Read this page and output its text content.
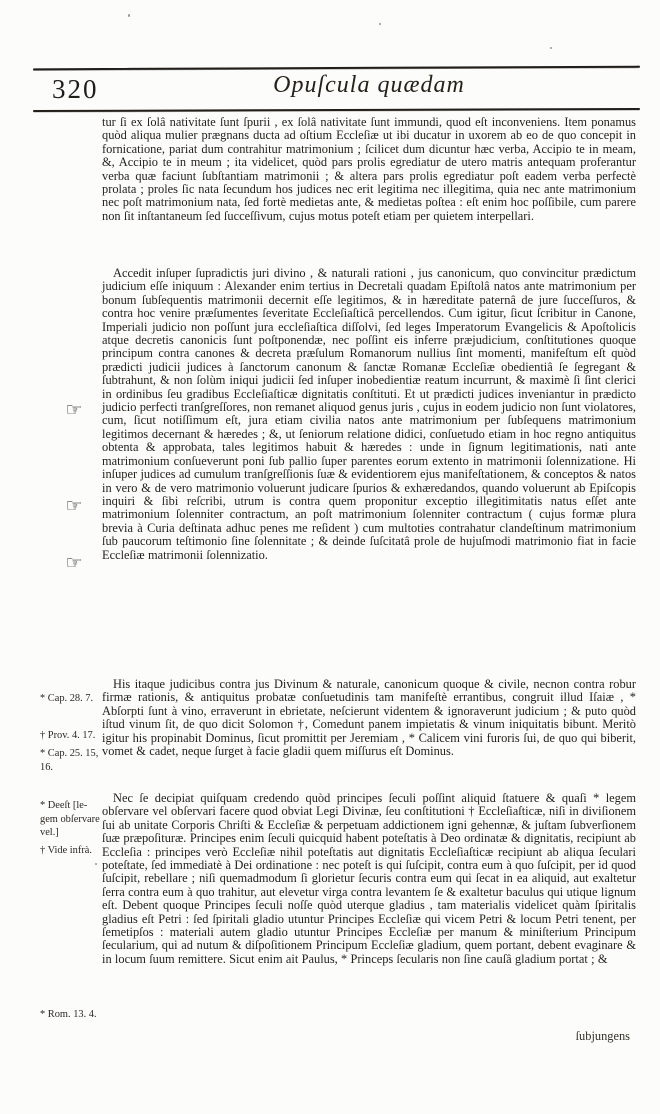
320	Opuſcula quædam
☞
☞
☞
* Cap. 28. 7.
† Prov. 4. 17.
* Cap. 25. 15, 16.
* Deeſt [legem obſervare vel.]
† Vide infrà.
* Rom. 13. 4.

tur ſi ex ſolâ nativitate ſunt ſpurii , ex ſolâ nativitate ſunt immundi, quod eſt inconveniens. Item ponamus quòd aliqua mulier prægnans ducta ad oſtium Eccleſiæ ut ibi ducatur in uxorem ab eo de quo concepit in fornicatione, pariat dum contrahitur matrimonium ; ſcilicet dum dicuntur hæc verba, Accipio te in meam, &, Accipio te in meum ; ita videlicet, quòd pars prolis egrediatur de utero matris antequam proferantur verba quæ faciunt ſubſtantiam matrimonii ; & altera pars prolis egrediatur poſt eadem verba perfectè prolata ; proles ſic nata ſecundum hos judices nec erit legitima nec illegitima, quia nec ante matrimonium nec poſt matrimonium nata, ſed fortè medietas ante, & medietas poſtea : eſt enim hoc poſſibile, cum parere non ſit inſtantaneum ſed ſucceſſivum, cujus motus poteſt etiam per quietem interpellari.

Accedit inſuper ſupradictis juri divino , & naturali rationi , jus canonicum, quo convincitur prædictum judicium eſſe iniquum : Alexander enim tertius in Decretali quadam Epiſtolâ natos ante matrimonium per bonum ſubſequentis matrimonii decernit eſſe legitimos, & in hæreditate paternâ de jure ſucceſſuros, & contra hoc venire præſumentes ſeveritate Eccleſiaſticâ percellendos. Cum igitur, ſicut ſcribitur in Canone, Imperiali judicio non poſſunt jura eccleſiaſtica diſſolvi, ſed leges Imperatorum Evangelicis & Apoſtolicis atque decretis canonicis ſunt poſtponendæ, nec poſſint eis inferre præjudicium, conſtitutiones quoque principum contra canones & decreta præſulum Romanorum nullius ſint momenti, manifeſtum eſt quòd prædicti judicii judices à ſanctorum canonum & ſanctæ Romanæ Eccleſiæ obedientiâ ſe ſegregant & ſubtrahunt, & non ſolùm iniqui judicii ſed inſuper inobedientiæ reatum incurrunt, & maximè ſi ſint clerici in ordinibus ſeu gradibus Eccleſiaſticæ dignitatis conſtituti. Et ut prædicti judices inveniantur in prædicto judicio perfecti tranſgreſſores, non remanet aliquod genus juris , cujus in eodem judicio non ſunt violatores, cum, ſicut notiſſimum eſt, jura etiam civilia natos ante matrimonium per ſubſequens matrimonium legitimos decernant & hæredes ; &, ut ſeniorum relatione didici, conſuetudo etiam in hoc regno antiquitus obtenta & approbata, tales legitimos habuit & hæredes : unde in ſignum legitimationis, nati ante matrimonium conſueverunt poni ſub pallio ſuper parentes eorum extento in matrimonii ſolennizatione. Hi inſuper judices ad cumulum tranſgreſſionis ſuæ & evidentiorem ejus manifeſtationem, & conceptos & natos in vero & de vero matrimonio voluerunt judicare ſpurios & exhæredandos, quando voluerunt ab Epiſcopis inquiri & ſibi reſcribi, utrum is contra quem proponitur exceptio illegitimitatis natus eſſet ante matrimonium ſolenniter contractum, an poſt matrimonium ſolenniter contractum ( cujus formæ plura brevia à Curia deſtinata adhuc penes me reſident ) cum multoties contrahatur clandeſtinum matrimonium ſub paucorum teſtimonio ſine ſolennitate ; & deinde ſuſcitatâ prole de hujuſmodi matrimonio fiat in facie Eccleſiæ matrimonii ſolennizatio.

His itaque judicibus contra jus Divinum & naturale, canonicum quoque & civile, necnon contra robur firmæ rationis, & antiquitus probatæ conſuetudinis tam manifeſtè errantibus, congruit illud Iſaiæ , * Abſorpti ſunt à vino, erraverunt in ebrietate, neſcierunt videntem & ignoraverunt judicium ; & puto quòd iſtud vinum ſit, de quo dicit Solomon †, Comedunt panem impietatis & vinum iniquitatis bibunt. Meritò igitur his propinabit Dominus, ſicut promittit per Jeremiam , * Calicem vini furoris ſui, de quo qui biberit, vomet & cadet, neque ſurget à facie gladii quem miſſurus eſt Dominus.

Nec ſe decipiat quiſquam credendo quòd principes ſeculi poſſint aliquid ſtatuere & quaſi * legem obſervare vel obſervari facere quod obviat Legi Divinæ, ſeu conſtitutioni † Eccleſiaſticæ, niſi in diviſionem ſui ab unitate Corporis Chriſti & Eccleſiæ & perpetuam addictionem igni gehennæ, & juſtam ſubverſionem ſuæ præpoſituræ. Principes enim ſeculi quicquid habent poteſtatis à Deo ordinatæ & dignitatis, recipiunt ab Eccleſia : principes verò Eccleſiæ nihil poteſtatis aut dignitatis Eccleſiaſticæ recipiunt ab aliqua ſeculari poteſtate, ſed immediatè à Dei ordinatione : nec poteſt is qui ſuſcipit, contra eum à quo ſuſcipit, per id quod ſuſcipit, rebellare ; niſi quemadmodum ſi glorietur ſecuris contra eum qui ſecat in ea aliquid, aut exaltetur ſerra contra eum à quo trahitur, aut elevetur virga contra levantem ſe & exaltetur baculus qui utique lignum eſt. Debent quoque Principes ſeculi noſſe quòd uterque gladius , tam materialis videlicet quàm ſpiritalis gladius eſt Petri : ſed ſpiritali gladio utuntur Principes Eccleſiæ qui vicem Petri & locum Petri tenent, per ſemetipſos : materiali autem gladio utuntur Principes Eccleſiæ per manum & miniſterium Principum ſecularium, qui ad nutum & diſpoſitionem Principum Eccleſiæ gladium, quem portant, debent evaginare & in locum ſuum remittere. Sicut enim ait Paulus, * Princeps ſecularis non ſine cauſâ gladium portat ; &

ſubjungens
